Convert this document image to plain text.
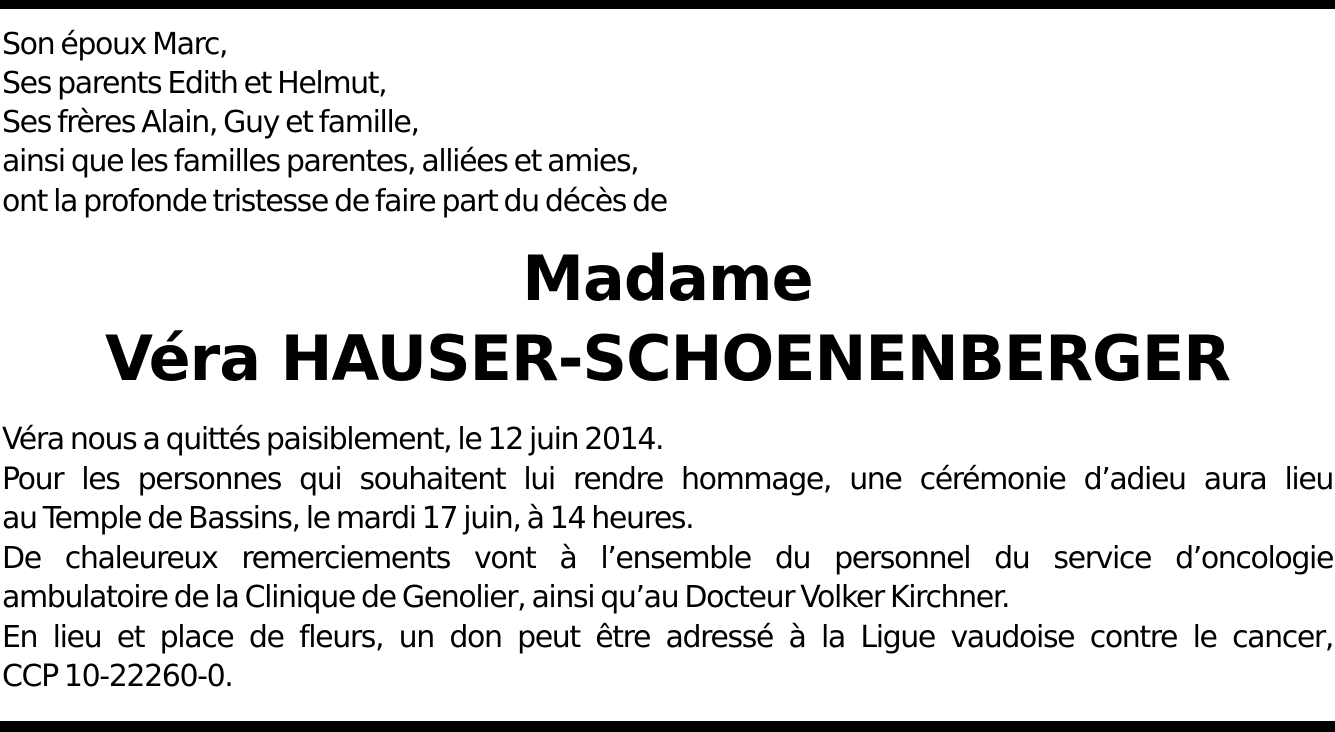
Son époux Marc,
Ses parents Edith et Helmut,
Ses frères Alain, Guy et famille,
ainsi que les familles parentes, alliées et amies,
ont la profonde tristesse de faire part du décès de
Madame
Véra HAUSER-SCHOENENBERGER
Véra nous a quittés paisiblement, le 12 juin 2014.
Pour les personnes qui souhaitent lui rendre hommage, une cérémonie d’adieu aura lieu
au Temple de Bassins, le mardi 17 juin, à 14 heures.
De chaleureux remerciements vont à l’ensemble du personnel du service d’oncologie
ambulatoire de la Clinique de Genolier, ainsi qu’au Docteur Volker Kirchner.
En lieu et place de fleurs, un don peut être adressé à la Ligue vaudoise contre le cancer,
CCP 10-22260-0.
